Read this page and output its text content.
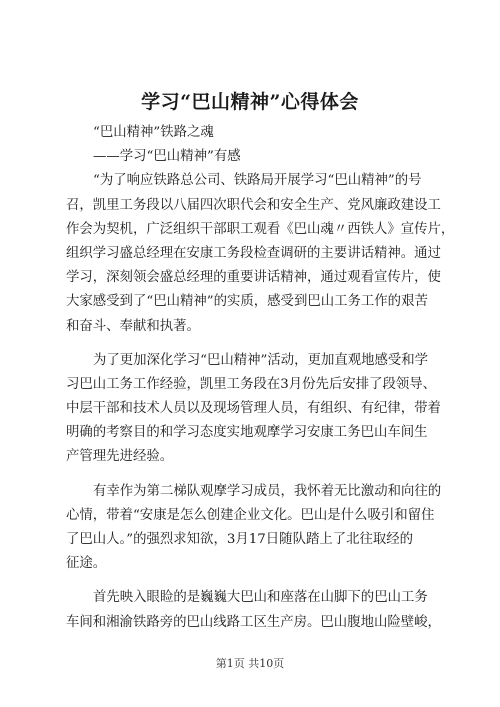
学习“巴山精神”心得体会
“巴山精神”铁路之魂
——学习“巴山精神”有感
“为了响应铁路总公司、铁路局开展学习“巴山精神”的号
召，凯里工务段以八届四次职代会和安全生产、党风廉政建设工
作会为契机，广泛组织干部职工观看《巴山魂〃西铁人》宣传片，
组织学习盛总经理在安康工务段检查调研的主要讲话精神。通过
学习，深刻领会盛总经理的重要讲话精神，通过观看宣传片，使
大家感受到了“巴山精神”的实质，感受到巴山工务工作的艰苦
和奋斗、奉献和执著。
为了更加深化学习“巴山精神”活动，更加直观地感受和学
习巴山工务工作经验，凯里工务段在3月份先后安排了段领导、
中层干部和技术人员以及现场管理人员，有组织、有纪律，带着
明确的考察目的和学习态度实地观摩学习安康工务巴山车间生
产管理先进经验。
有幸作为第二梯队观摩学习成员，我怀着无比激动和向往的
心情，带着“安康是怎么创建企业文化。巴山是什么吸引和留住
了巴山人。”的强烈求知欲，3月17日随队踏上了北往取经的
征途。
首先映入眼睑的是巍巍大巴山和座落在山脚下的巴山工务
车间和湘渝铁路旁的巴山线路工区生产房。巴山腹地山险壁峻，
第1页 共10页
